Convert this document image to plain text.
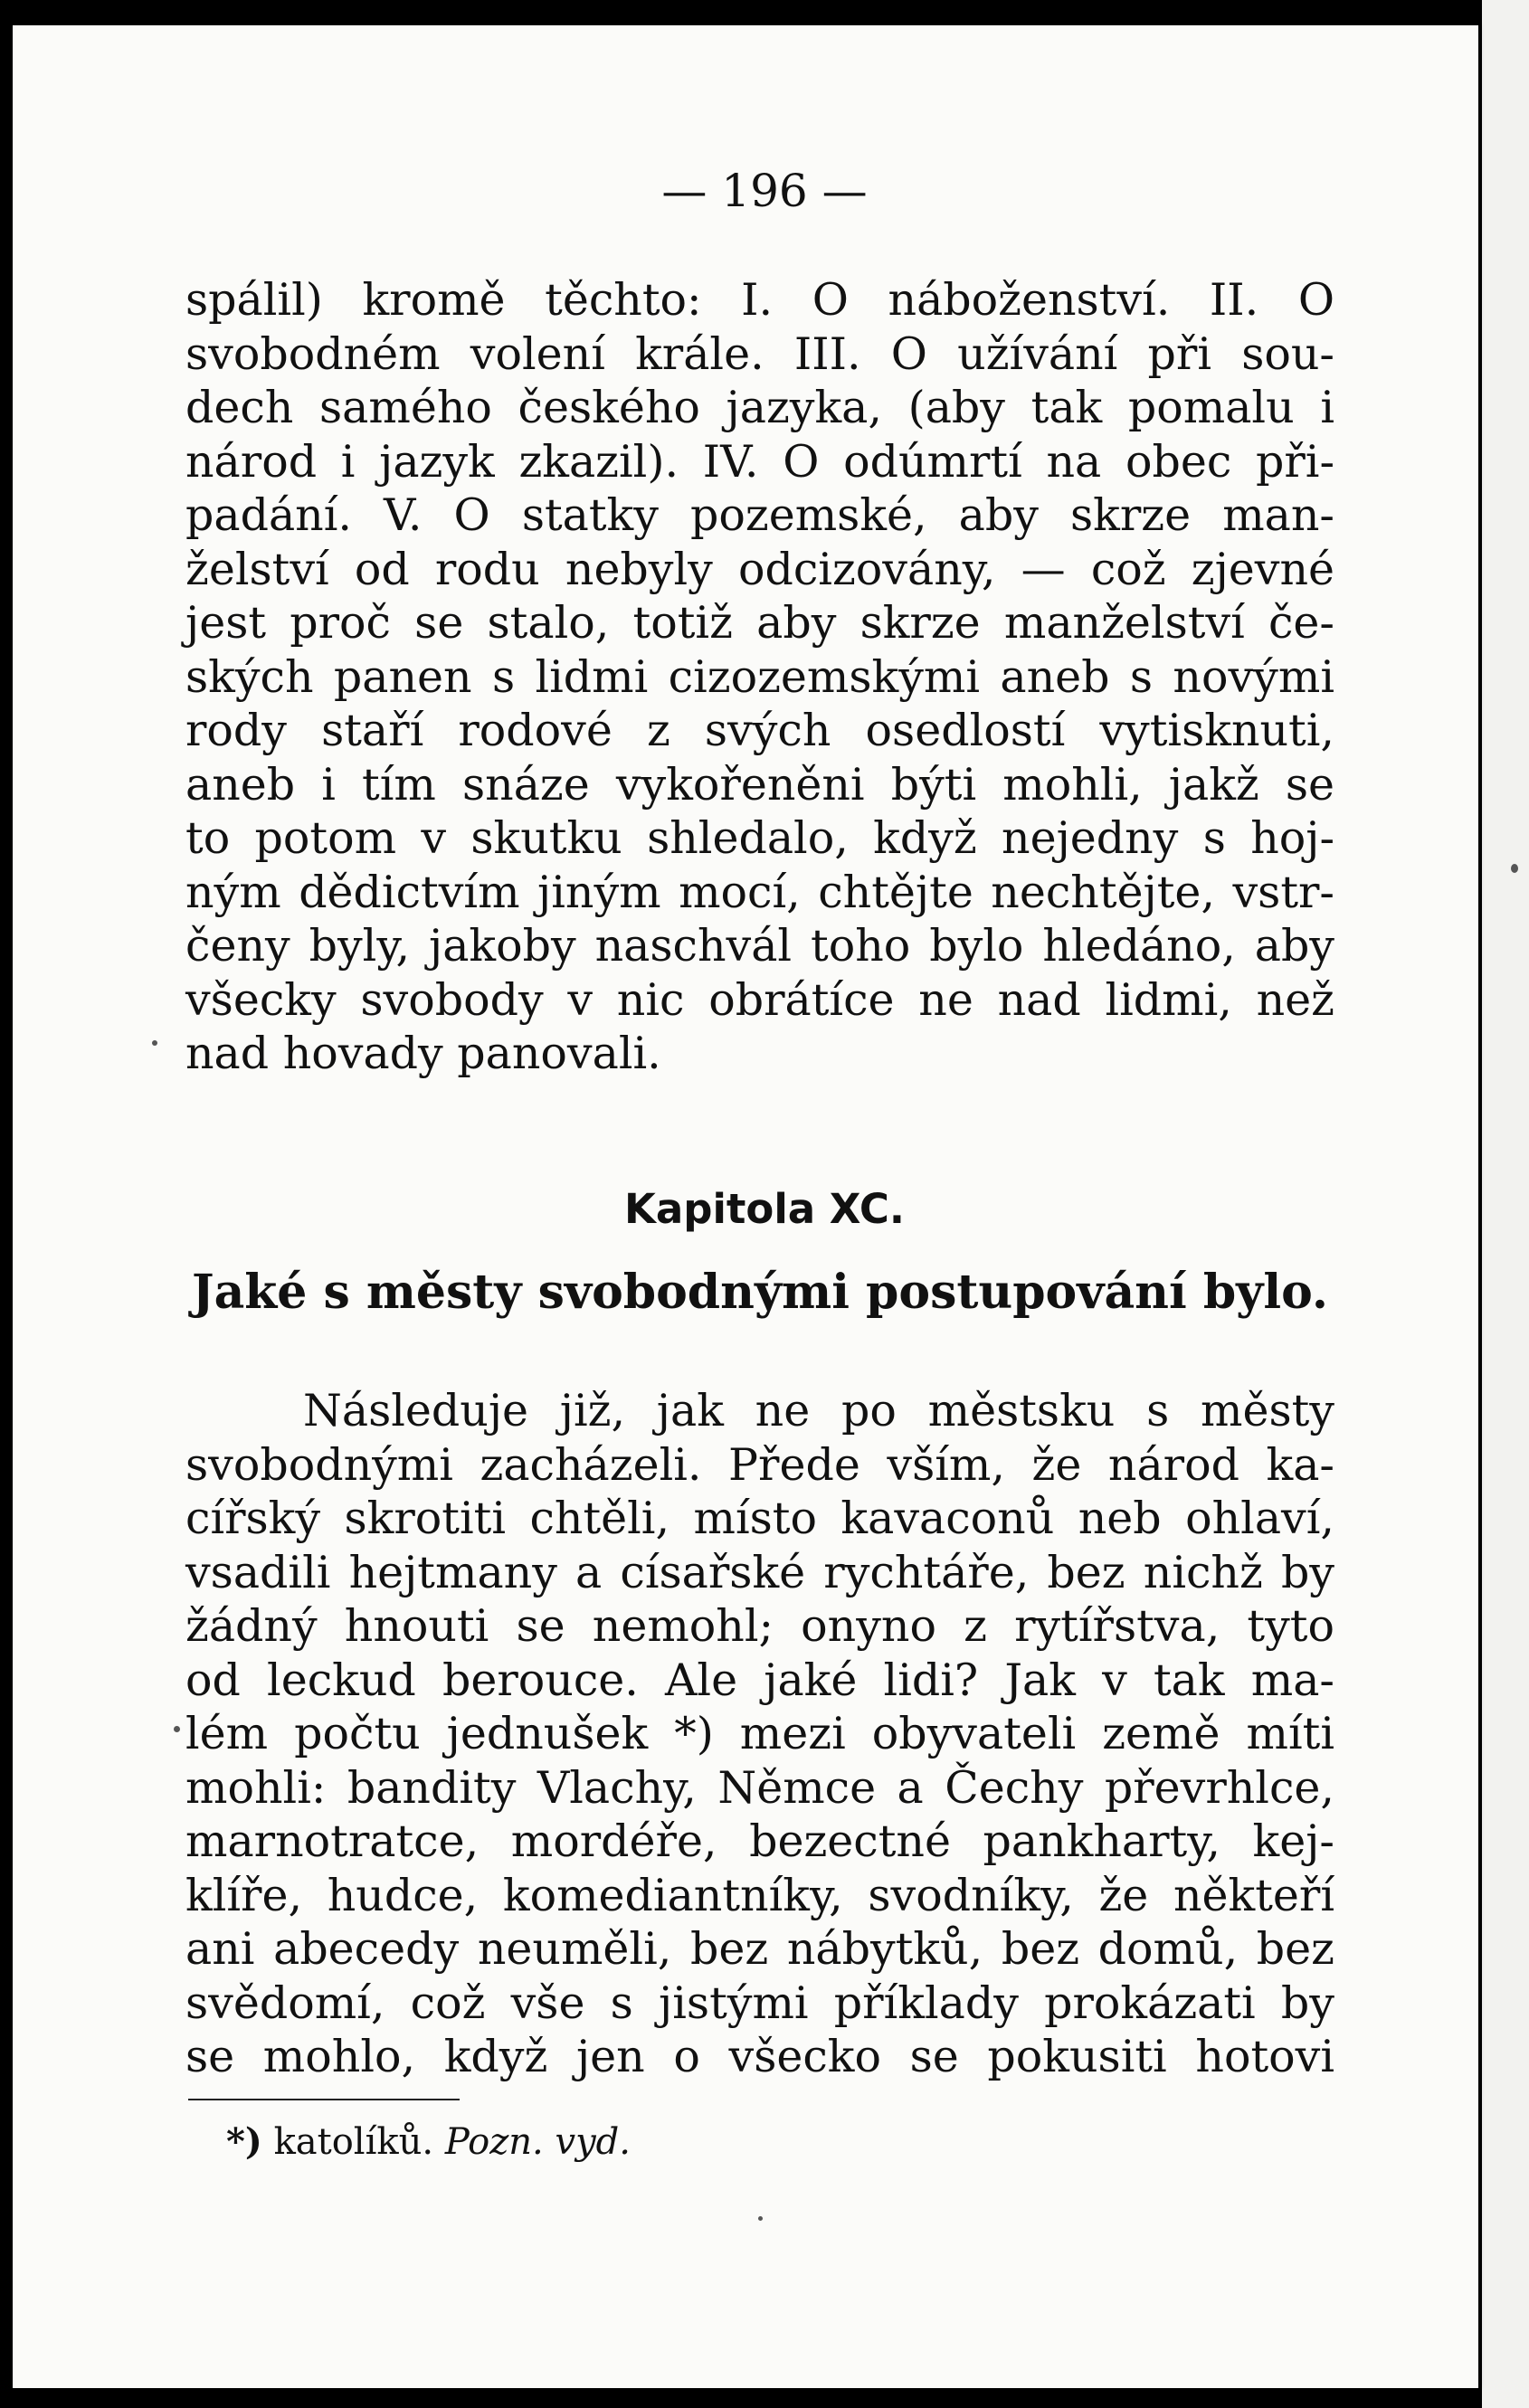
— 196 —
spálil) kromě těchto: I. O náboženství. II. O
svobodném volení krále. III. O užívání při sou-
dech samého českého jazyka, (aby tak pomalu i
národ i jazyk zkazil). IV. O odúmrtí na obec při-
padání. V. O statky pozemské, aby skrze man-
želství od rodu nebyly odcizovány, — což zjevné
jest proč se stalo, totiž aby skrze manželství če-
ských panen s lidmi cizozemskými aneb s novými
rody staří rodové z svých osedlostí vytisknuti,
aneb i tím snáze vykořeněni býti mohli, jakž se
to potom v skutku shledalo, když nejedny s hoj-
ným dědictvím jiným mocí, chtějte nechtějte, vstr-
čeny byly, jakoby naschvál toho bylo hledáno, aby
všecky svobody v nic obrátíce ne nad lidmi, než
nad hovady panovali.
Kapitola XC.
Jaké s městy svobodnými postupování bylo.
Následuje již, jak ne po městsku s městy
svobodnými zacházeli. Přede vším, že národ ka-
cířský skrotiti chtěli, místo kavaconů neb ohlaví,
vsadili hejtmany a císařské rychtáře, bez nichž by
žádný hnouti se nemohl; onyno z rytířstva, tyto
od leckud berouce. Ale jaké lidi? Jak v tak ma-
lém počtu jednušek *) mezi obyvateli země míti
mohli: bandity Vlachy, Němce a Čechy převrhlce,
marnotratce, mordéře, bezectné pankharty, kej-
klíře, hudce, komediantníky, svodníky, že někteří
ani abecedy neuměli, bez nábytků, bez domů, bez
svědomí, což vše s jistými příklady prokázati by
se mohlo, když jen o všecko se pokusiti hotovi
*) katolíků. Pozn. vyd.
